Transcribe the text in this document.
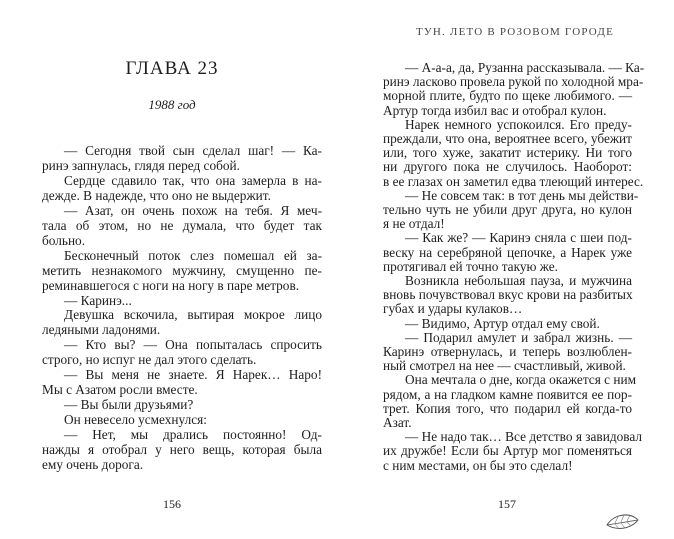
ГЛАВА 23
1988 год
— Сегодня твой сын сделал шаг! — Ка-
ринэ запнулась, глядя перед собой.
Сердце сдавило так, что она замерла в на-
дежде. В надежде, что оно не выдержит.
— Азат, он очень похож на тебя. Я меч-
тала об этом, но не думала, что будет так
больно.
Бесконечный поток слез помешал ей за-
метить незнакомого мужчину, смущенно пе-
реминавшегося с ноги на ногу в паре метров.
— Каринэ...
Девушка вскочила, вытирая мокрое лицо
ледяными ладонями.
— Кто вы? — Она попыталась спросить
строго, но испуг не дал этого сделать.
— Вы меня не знаете. Я Нарек… Наро!
Мы с Азатом росли вместе.
— Вы были друзьями?
Он невесело усмехнулся:
— Нет, мы дрались постоянно! Од-
нажды я отобрал у него вещь, которая была
ему очень дорога.
156
ТУН. ЛЕТО В РОЗОВОМ ГОРОДЕ
— А-а-а, да, Рузанна рассказывала. — Ка-
ринэ ласково провела рукой по холодной мра-
морной плите, будто по щеке любимого. —
Артур тогда избил вас и отобрал кулон.
Нарек немного успокоился. Его преду-
преждали, что она, вероятнее всего, убежит
или, того хуже, закатит истерику. Ни того
ни другого пока не случилось. Наоборот:
в ее глазах он заметил едва тлеющий интерес.
— Не совсем так: в тот день мы действи-
тельно чуть не убили друг друга, но кулон
я не отдал!
— Как же? — Каринэ сняла с шеи под-
веску на серебряной цепочке, а Нарек уже
протягивал ей точно такую же.
Возникла небольшая пауза, и мужчина
вновь почувствовал вкус крови на разбитых
губах и удары кулаков…
— Видимо, Артур отдал ему свой.
— Подарил амулет и забрал жизнь. —
Каринэ отвернулась, и теперь возлюблен-
ный смотрел на нее — счастливый, живой.
Она мечтала о дне, когда окажется с ним
рядом, а на гладком камне появится ее пор-
трет. Копия того, что подарил ей когда-то
Азат.
— Не надо так… Все детство я завидовал
их дружбе! Если бы Артур мог поменяться
с ним местами, он бы это сделал!
157
